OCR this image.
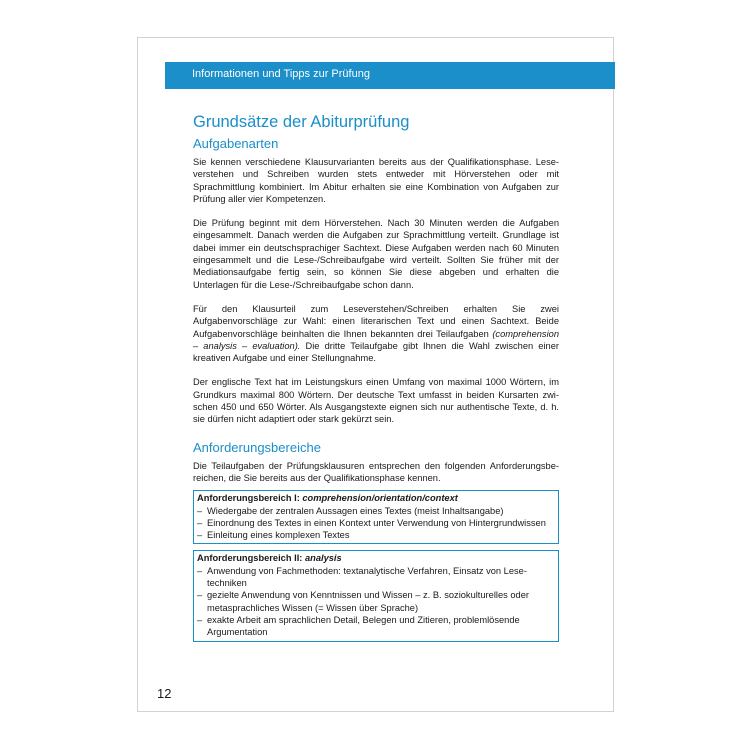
Informationen und Tipps zur Prüfung
Grundsätze der Abiturprüfung
Aufgabenarten

Sie kennen verschiedene Klausurvarianten bereits aus der Qualifikationsphase. Leseverstehen und Schreiben wurden stets entweder mit Hörverstehen oder mit Sprachmittlung kombiniert. Im Abitur erhalten sie eine Kombination von Aufgaben zur Prüfung aller vier Kompetenzen.

Die Prüfung beginnt mit dem Hörverstehen. Nach 30 Minuten werden die Aufgaben eingesammelt. Danach werden die Aufgaben zur Sprachmittlung verteilt. Grundlage ist dabei immer ein deutschsprachiger Sachtext. Diese Aufgaben werden nach 60 Minuten eingesammelt und die Lese-/Schreibaufgabe wird verteilt. Sollten Sie früher mit der Mediationsaufgabe fertig sein, so können Sie diese abgeben und erhalten die Unterlagen für die Lese-/Schreibaufgabe schon dann.

Für den Klausurteil zum Leseverstehen/Schreiben erhalten Sie zwei Aufgabenvorschläge zur Wahl: einen literarischen Text und einen Sachtext. Beide Aufgabenvorschläge beinhalten die Ihnen bekannten drei Teilaufgaben (comprehension – analysis – evaluation). Die dritte Teilaufgabe gibt Ihnen die Wahl zwischen einer kreativen Aufgabe und einer Stellungnahme.

Der englische Text hat im Leistungskurs einen Umfang von maximal 1000 Wörtern, im Grundkurs maximal 800 Wörtern. Der deutsche Text umfasst in beiden Kursarten zwischen 450 und 650 Wörter. Als Ausgangstexte eignen sich nur authentische Texte, d. h. sie dürfen nicht adaptiert oder stark gekürzt sein.

Anforderungsbereiche

Die Teilaufgaben der Prüfungsklausuren entsprechen den folgenden Anforderungsbereichen, die Sie bereits aus der Qualifikationsphase kennen.

Anforderungsbereich I: comprehension/orientation/context
– Wiedergabe der zentralen Aussagen eines Textes (meist Inhaltsangabe)
– Einordnung des Textes in einen Kontext unter Verwendung von Hintergrundwissen
– Einleitung eines komplexen Textes
Anforderungsbereich II: analysis
– Anwendung von Fachmethoden: textanalytische Verfahren, Einsatz von Lesetechniken
– gezielte Anwendung von Kenntnissen und Wissen – z. B. soziokulturelles oder metasprachliches Wissen (= Wissen über Sprache)
– exakte Arbeit am sprachlichen Detail, Belegen und Zitieren, problemlösende Argumentation
12
